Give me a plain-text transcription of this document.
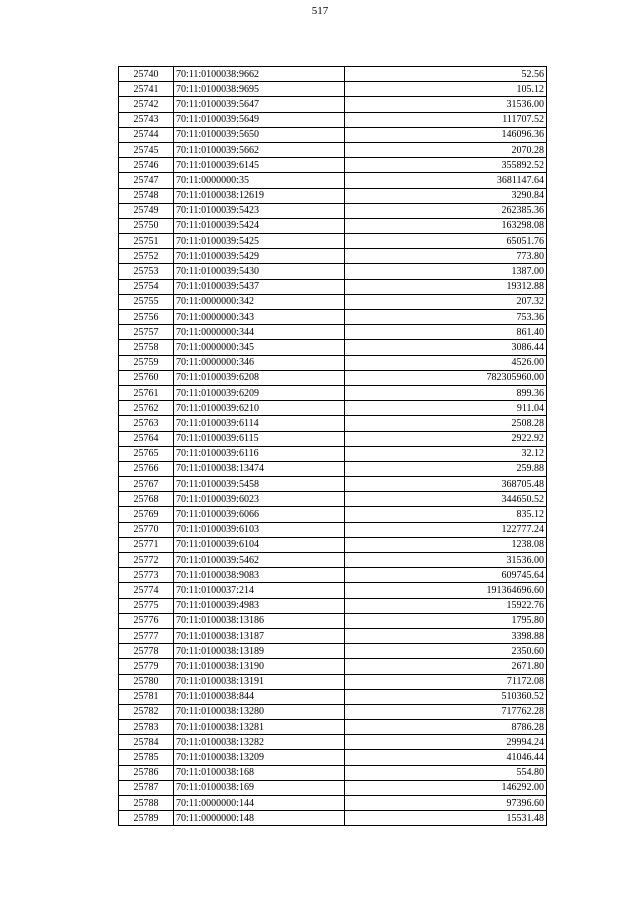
517
25740	70:11:0100038:9662	52.56
25741	70:11:0100038:9695	105.12
25742	70:11:0100039:5647	31536.00
25743	70:11:0100039:5649	111707.52
25744	70:11:0100039:5650	146096.36
25745	70:11:0100039:5662	2070.28
25746	70:11:0100039:6145	355892.52
25747	70:11:0000000:35	3681147.64
25748	70:11:0100038:12619	3290.84
25749	70:11:0100039:5423	262385.36
25750	70:11:0100039:5424	163298.08
25751	70:11:0100039:5425	65051.76
25752	70:11:0100039:5429	773.80
25753	70:11:0100039:5430	1387.00
25754	70:11:0100039:5437	19312.88
25755	70:11:0000000:342	207.32
25756	70:11:0000000:343	753.36
25757	70:11:0000000:344	861.40
25758	70:11:0000000:345	3086.44
25759	70:11:0000000:346	4526.00
25760	70:11:0100039:6208	782305960.00
25761	70:11:0100039:6209	899.36
25762	70:11:0100039:6210	911.04
25763	70:11:0100039:6114	2508.28
25764	70:11:0100039:6115	2922.92
25765	70:11:0100039:6116	32.12
25766	70:11:0100038:13474	259.88
25767	70:11:0100039:5458	368705.48
25768	70:11:0100039:6023	344650.52
25769	70:11:0100039:6066	835.12
25770	70:11:0100039:6103	122777.24
25771	70:11:0100039:6104	1238.08
25772	70:11:0100039:5462	31536.00
25773	70:11:0100038:9083	609745.64
25774	70:11:0100037:214	191364696.60
25775	70:11:0100039:4983	15922.76
25776	70:11:0100038:13186	1795.80
25777	70:11:0100038:13187	3398.88
25778	70:11:0100038:13189	2350.60
25779	70:11:0100038:13190	2671.80
25780	70:11:0100038:13191	71172.08
25781	70:11:0100038:844	510360.52
25782	70:11:0100038:13280	717762.28
25783	70:11:0100038:13281	8786.28
25784	70:11:0100038:13282	29994.24
25785	70:11:0100038:13209	41046.44
25786	70:11:0100038:168	554.80
25787	70:11:0100038:169	146292.00
25788	70:11:0000000:144	97396.60
25789	70:11:0000000:148	15531.48
